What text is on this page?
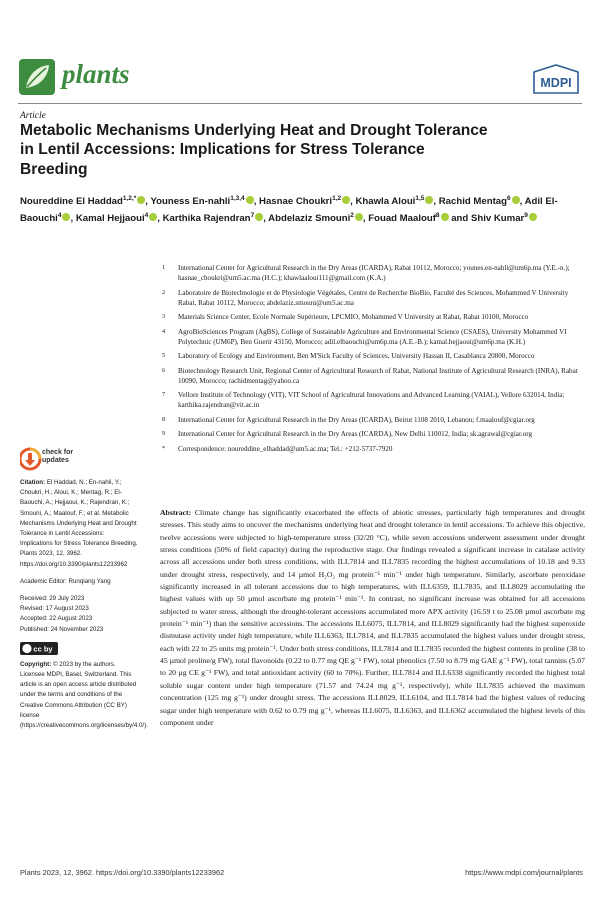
plants	MDPI
Article
Metabolic Mechanisms Underlying Heat and Drought Tolerance in Lentil Accessions: Implications for Stress Tolerance Breeding
Noureddine El Haddad$^{1,2,*}$ , Youness En-nahli$^{1,3,4}$ , Hasnae Choukri$^{1,2}$ , Khawla Aloui$^{1,5}$ , Rachid Mentag$^6$ , Adil El-Baouchi$^4$ , Kamal Hejjaoui$^4$ , Karthika Rajendran$^7$ , Abdelaziz Smouni$^2$ , Fouad Maalouf$^8$ and Shiv Kumar$^9$
1 International Center for Agricultural Research in the Dry Areas (ICARDA), Rabat 10112, Morocco; younes.en-nahli@um6p.ma (Y.E.-n.); hasnae_choukri@um5.ac.ma (H.C.); khawlaaloui111@gmail.com (K.A.)
2 Laboratoire de Biotechnologie et de Physiologie Végétales, Centre de Recherche BioBio, Faculté des Sciences, Mohammed V University Rabat, Rabat 10112, Morocco; abdelaziz.smouni@um5.ac.ma
3 Materials Science Center, Ecole Normale Supérieure, LPCMIO, Mohammed V University at Rabat, Rabat 10100, Morocco
4 AgroBioSciences Program (AgBS), College of Sustainable Agriculture and Environmental Science (CSAES), University Mohammed VI Polytechnic (UM6P), Ben Guerir 43150, Morocco; adil.elbaouchi@um6p.ma (A.E.-B.); kamal.hejjaoui@um6p.ma (K.H.)
5 Laboratory of Ecology and Environment, Ben M'Sick Faculty of Sciences, University Hassan II, Casablanca 20800, Morocco
6 Biotechnology Research Unit, Regional Center of Agricultural Research of Rabat, National Institute of Agricultural Research (INRA), Rabat 10090, Morocco; rachidmentag@yahoo.ca
7 Vellore Institute of Technology (VIT), VIT School of Agricultural Innovations and Advanced Learning (VAIAL), Vellore 632014, India; karthika.rajendran@vit.ac.in
8 International Center for Agricultural Research in the Dry Areas (ICARDA), Beirut 1108 2010, Lebanon; f.maalouf@cgiar.org
9 International Center for Agricultural Research in the Dry Areas (ICARDA), New Delhi 110012, India; sk.agrawal@cgiar.org
* Correspondence: noureddine_elhaddad@um5.ac.ma; Tel.: +212-5737-7920
check for
updates
Citation: El Haddad, N.; En-nahli, Y.; Choukri, H.; Aloui, K.; Mentag, R.; El-Baouchi, A.; Hejjaoui, K.; Rajendran, K.; Smouni, A.; Maalouf, F.; et al. Metabolic Mechanisms Underlying Heat and Drought Tolerance in Lentil Accessions: Implications for Stress Tolerance Breeding. Plants 2023, 12, 3962. https://doi.org/10.3390/plants12233962
Academic Editor: Runqiang Yang
Received: 29 July 2023
Revised: 17 August 2023
Accepted: 22 August 2023
Published: 24 November 2023
cc by
Copyright: © 2023 by the authors. Licensee MDPI, Basel, Switzerland. This article is an open access article distributed under the terms and conditions of the Creative Commons Attribution (CC BY) license (https://creativecommons.org/licenses/by/4.0/).
Abstract: Climate change has significantly exacerbated the effects of abiotic stresses, particularly high temperatures and drought stresses. This study aims to uncover the mechanisms underlying heat and drought tolerance in lentil accessions. To achieve this objective, twelve accessions were subjected to high-temperature stress (32/20 °C), while seven accessions underwent assessment under drought stress conditions (50% of field capacity) during the reproductive stage. Our findings revealed a significant increase in catalase activity across all accessions under both stress conditions, with ILL7814 and ILL7835 recording the highest accumulations of 10.18 and 9.33 under drought stress, respectively, and 14 µmol H₂O₂ mg protein⁻¹ min⁻¹ under high temperature. Similarly, ascorbate peroxidase significantly increased in all tolerant accessions due to high temperatures, with ILL6359, ILL7835, and ILL8029 accumulating the highest values with up 50 µmol ascorbate mg protein⁻¹ min⁻¹. In contrast, no significant increase was obtained for all accessions subjected to water stress, although the drought-tolerant accessions accumulated more APX activity (16.59 t to 25.08 µmol ascorbate mg protein⁻¹ min⁻¹) than the sensitive accessions. The accessions ILL6075, ILL7814, and ILL8029 significantly had the highest superoxide dismutase activity under high temperature, while ILL6363, ILL7814, and ILL7835 accumulated the highest values under drought stress, each with 22 to 25 units mg protein⁻¹. Under both stress conditions, ILL7814 and ILL7835 recorded the highest contents in proline (38 to 45 µmol proline/g FW), total flavonoids (0.22 to 0.77 mg QE g⁻¹ FW), total phenolics (7.50 to 8.79 mg GAE g⁻¹ FW), total tannins (5.07 to 20 µg CE g⁻¹ FW), and total antioxidant activity (60 to 70%). Further, ILL7814 and ILL6338 significantly recorded the highest total soluble sugar content under high temperature (71.57 and 74.24 mg g⁻¹, respectively), while ILL7835 achieved the maximum concentration (125 mg g⁻¹) under drought stress. The accessions ILL8029, ILL6104, and ILL7814 had the highest values of reducing sugar under high temperature with 0.62 to 0.79 mg g⁻¹, whereas ILL6075, ILL6363, and ILL6362 accumulated the highest levels of this component under
Plants 2023, 12, 3962. https://doi.org/10.3390/plants12233962	https://www.mdpi.com/journal/plants
